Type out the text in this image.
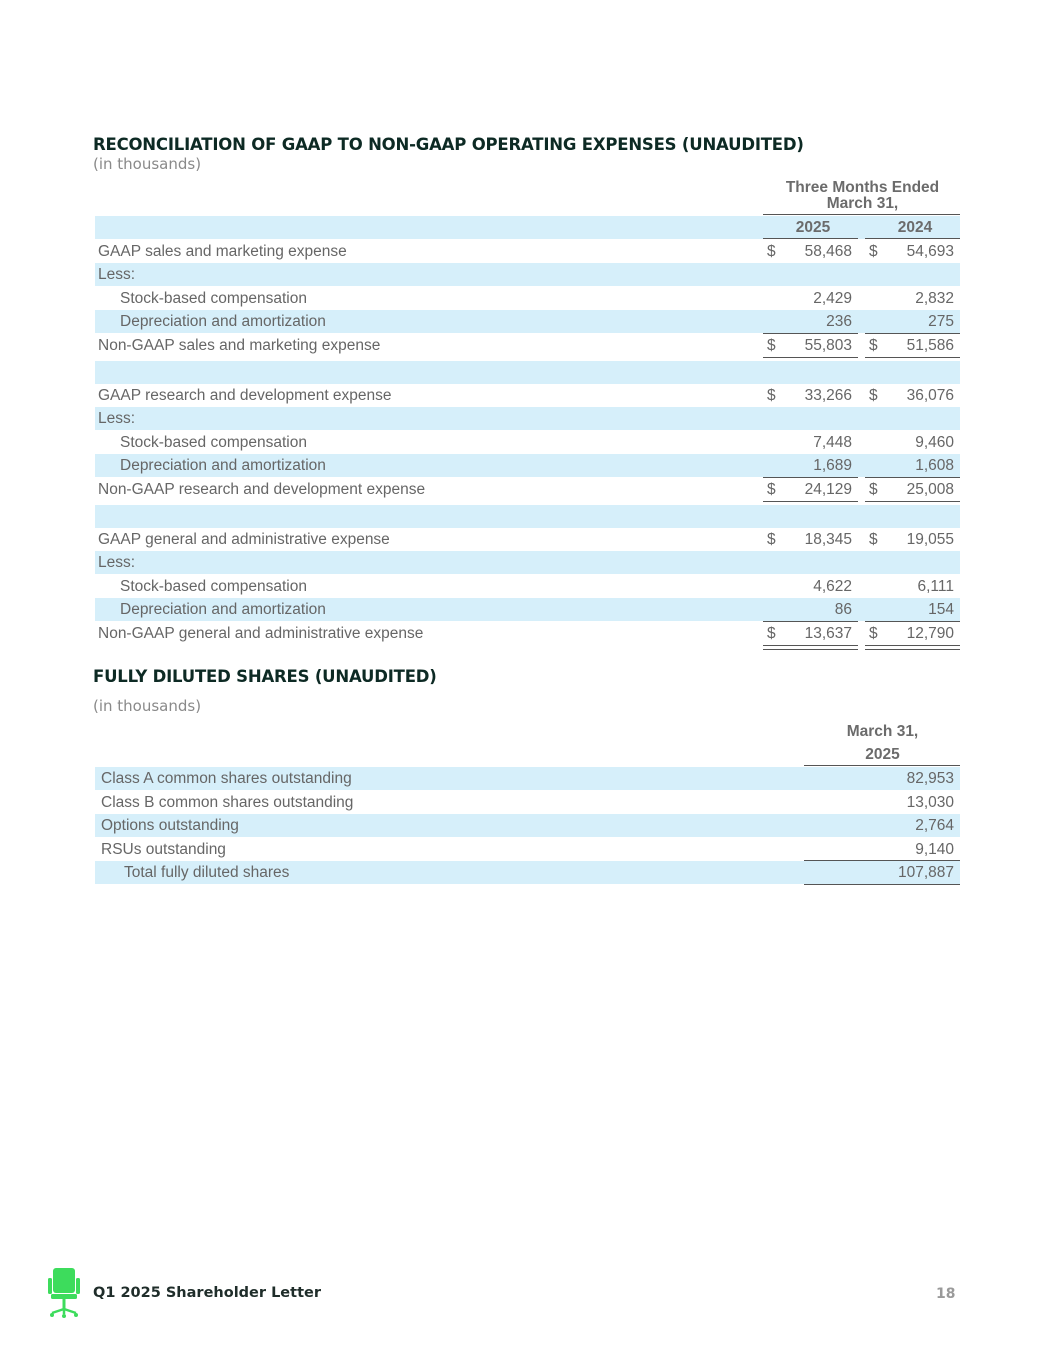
RECONCILIATION OF GAAP TO NON-GAAP OPERATING EXPENSES (UNAUDITED)
(in thousands)
Three Months Ended
March 31,
2025	2024
GAAP sales and marketing expense	$	58,468 $	54,693
Less:
Stock-based compensation	2,429	2,832
Depreciation and amortization	236	275
Non-GAAP sales and marketing expense	$	55,803 $	51,586
GAAP research and development expense	$	33,266 $	36,076
Less:
Stock-based compensation	7,448	9,460
Depreciation and amortization	1,689	1,608
Non-GAAP research and development expense	$	24,129 $	25,008
GAAP general and administrative expense	$	18,345 $	19,055
Less:
Stock-based compensation	4,622	6,111
Depreciation and amortization	86	154
Non-GAAP general and administrative expense	$	13,637 $	12,790
FULLY DILUTED SHARES (UNAUDITED)
(in thousands)
March 31,
2025
Class A common shares outstanding	82,953
Class B common shares outstanding	13,030
Options outstanding	2,764
RSUs outstanding	9,140
Total fully diluted shares	107,887
Q1 2025 Shareholder Letter	18
